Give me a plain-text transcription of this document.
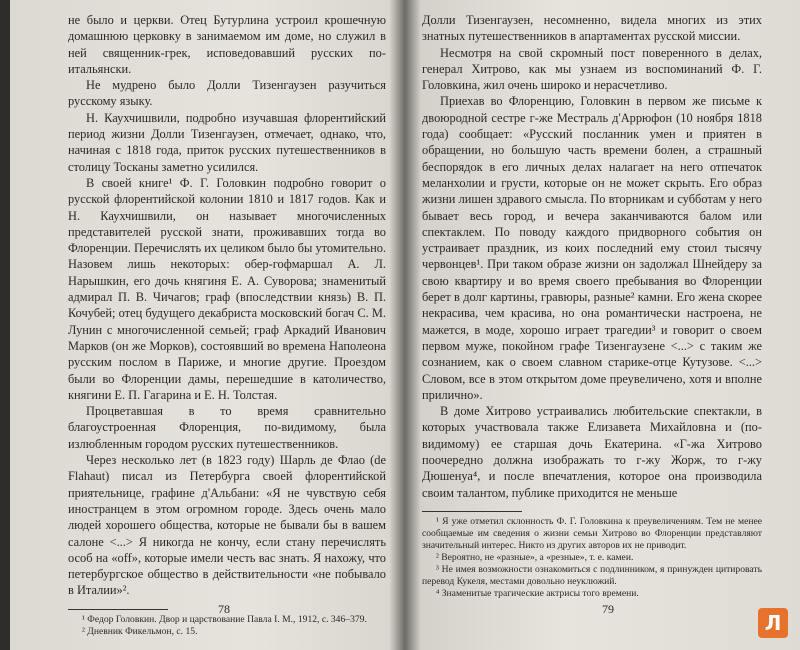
не было и церкви. Отец Бутурлина устроил крошечную домашнюю церковку в занимаемом им доме, но служил в ней священник-грек, исповедовавший русских по-итальянски.

Не мудрено было Долли Тизенгаузен разучиться русскому языку.

Н. Каухчишвили, подробно изучавшая флорентийский период жизни Долли Тизенгаузен, отмечает, однако, что, начиная с 1818 года, приток русских путешественников в столицу Тосканы заметно усилился.

В своей книге¹ Ф. Г. Головкин подробно говорит о русской флорентийской колонии 1810 и 1817 годов. Как и Н. Каухчишвили, он называет многочисленных представителей русской знати, проживавших тогда во Флоренции. Перечислять их целиком было бы утомительно. Назовем лишь некоторых: обер-гофмаршал А. Л. Нарышкин, его дочь княгиня Е. А. Суворова; знаменитый адмирал П. В. Чичагов; граф (впоследствии князь) В. П. Кочубей; отец будущего декабриста московский богач С. М. Лунин с многочисленной семьей; граф Аркадий Иванович Марков (он же Морков), состоявший во времена Наполеона русским послом в Париже, и многие другие. Проездом были во Флоренции дамы, перешедшие в католичество, княгини Е. П. Гагарина и Е. Н. Толстая.

Процветавшая в то время сравнительно благоустроенная Флоренция, по-видимому, была излюбленным городом русских путешественников.

Через несколько лет (в 1823 году) Шарль де Флао (de Flahaut) писал из Петербурга своей флорентийской приятельнице, графине д'Альбани: «Я не чувствую себя иностранцем в этом огромном городе. Здесь очень мало людей хорошего общества, которые не бывали бы в вашем салоне <...> Я никогда не кончу, если стану перечислять особ на «off», которые имели честь вас знать. Я нахожу, что петербургское общество в действительности «не побывало в Италии»².

¹ Федор Головкин. Двор и царствование Павла I. М., 1912, с. 346–379.

² Дневник Фикельмон, с. 15.

78

Долли Тизенгаузен, несомненно, видела многих из этих знатных путешественников в апартаментах русской миссии.

Несмотря на свой скромный пост поверенного в делах, генерал Хитрово, как мы узнаем из воспоминаний Ф. Г. Головкина, жил очень широко и нерасчетливо.

Приехав во Флоренцию, Головкин в первом же письме к двоюродной сестре г-же Местраль д'Аррюфон (10 ноября 1818 года) сообщает: «Русский посланник умен и приятен в обращении, но большую часть времени болен, а страшный беспорядок в его личных делах налагает на него отпечаток меланхолии и грусти, которые он не может скрыть. Его образ жизни лишен здравого смысла. По вторникам и субботам у него бывает весь город, и вечера заканчиваются балом или спектаклем. По поводу каждого придворного события он устраивает праздник, из коих последний ему стоил тысячу червонцев¹. При таком образе жизни он задолжал Шнейдеру за свою квартиру и во время своего пребывания во Флоренции берет в долг картины, гравюры, разные² камни. Его жена скорее некрасива, чем красива, но она романтически настроена, не мажется, в моде, хорошо играет трагедии³ и говорит о своем первом муже, покойном графе Тизенгаузене <...> с таким же сознанием, как о своем славном старике-отце Кутузове. <...> Словом, все в этом открытом доме преувеличено, хотя и вполне прилично».

В доме Хитрово устраивались любительские спектакли, в которых участвовала также Елизавета Михайловна и (по-видимому) ее старшая дочь Екатерина. «Г-жа Хитрово поочередно должна изображать то г-жу Жорж, то г-жу Дюшенуа⁴, и после впечатления, которое она производила своим талантом, публике приходится не меньше

¹ Я уже отметил склонность Ф. Г. Головкина к преувеличениям. Тем не менее сообщаемые им сведения о жизни семьи Хитрово во Флоренции представляют значительный интерес. Никто из других авторов их не приводит.

² Вероятно, не «разные», а «резные», т. е. камеи.

³ Не имея возможности ознакомиться с подлинником, я принужден цитировать перевод Кукеля, местами довольно неуклюжий.

⁴ Знаменитые трагические актрисы того времени.

79
Л
